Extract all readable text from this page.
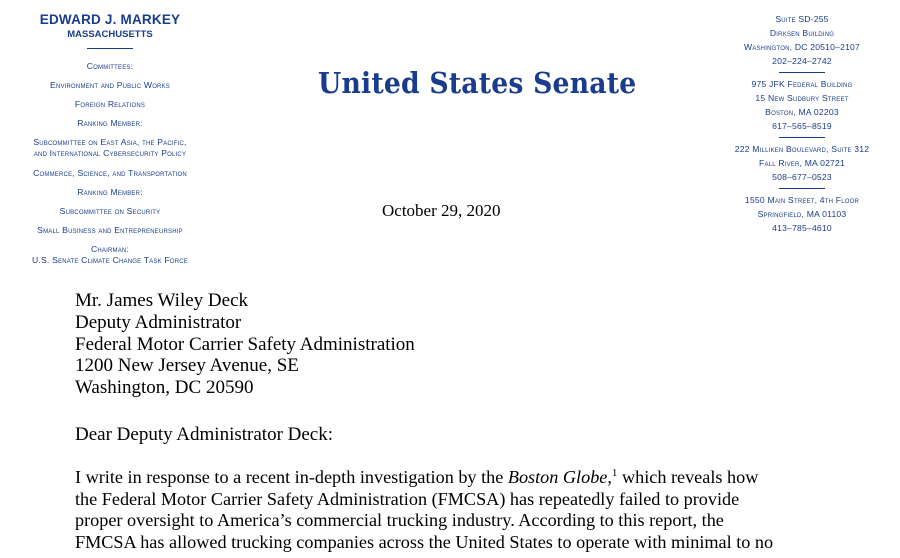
EDWARD J. MARKEY
MASSACHUSETTS
Committees:
Environment and Public Works
Foreign Relations
Ranking Member:
Subcommittee on East Asia, the Pacific,
and International Cybersecurity Policy
Commerce, Science, and Transportation
Ranking Member:
Subcommittee on Security
Small Business and Entrepreneurship
Chairman:
U.S. Senate Climate Change Task Force
United States Senate
Suite SD-255
Dirksen Building
Washington, DC 20510–2107
202–224–2742
975 JFK Federal Building
15 New Sudbury Street
Boston, MA 02203
617–565–8519
222 Milliken Boulevard, Suite 312
Fall River, MA 02721
508–677–0523
1550 Main Street, 4th Floor
Springfield, MA 01103
413–785–4610
October 29, 2020
Mr. James Wiley Deck
Deputy Administrator
Federal Motor Carrier Safety Administration
1200 New Jersey Avenue, SE
Washington, DC 20590
Dear Deputy Administrator Deck:
I write in response to a recent in-depth investigation by the Boston Globe,$^1$ which reveals how
the Federal Motor Carrier Safety Administration (FMCSA) has repeatedly failed to provide
proper oversight to America’s commercial trucking industry. According to this report, the
FMCSA has allowed trucking companies across the United States to operate with minimal to no
